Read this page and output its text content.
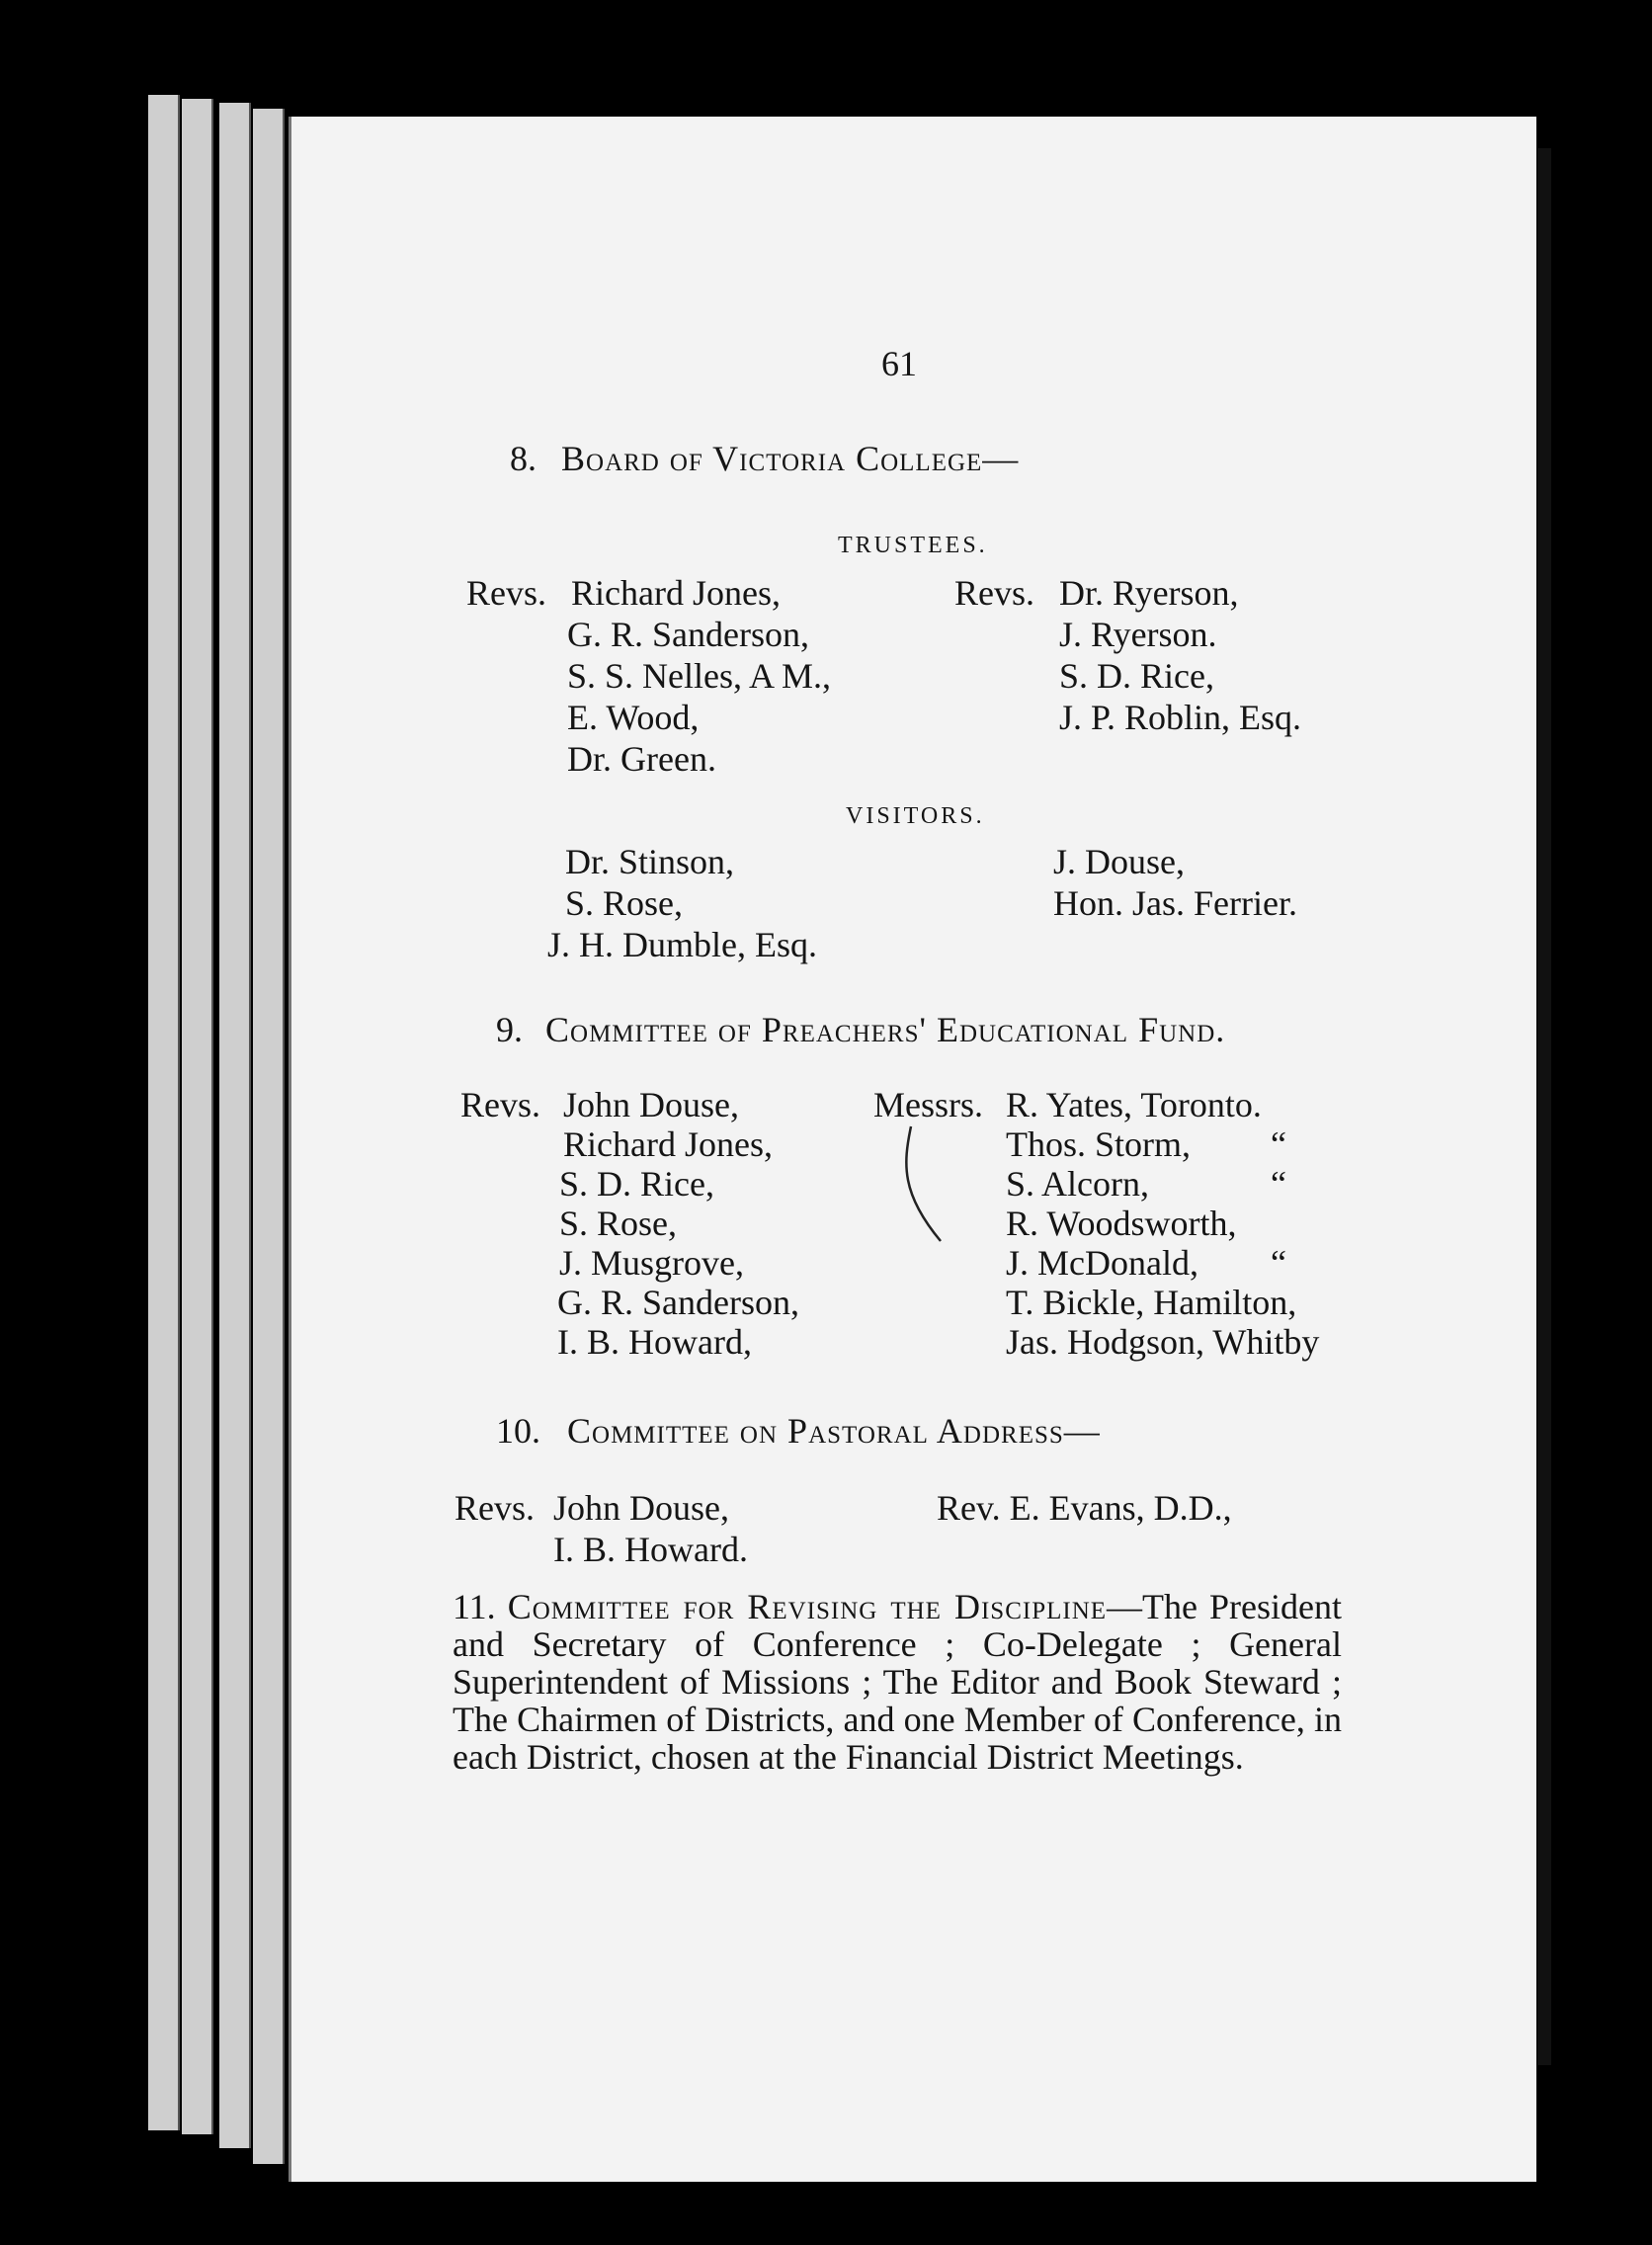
61
8. Board of Victoria College—
TRUSTEES.
Revs. Richard Jones,
G. R. Sanderson,
S. S. Nelles, A M.,
E. Wood,
Dr. Green.
Revs. Dr. Ryerson,
J. Ryerson.
S. D. Rice,
J. P. Roblin, Esq.
VISITORS.
Dr. Stinson,
S. Rose,
J. H. Dumble, Esq.
J. Douse,
Hon. Jas. Ferrier.
9. Committee of Preachers' Educational Fund.
Revs. John Douse,
Richard Jones,
S. D. Rice,
S. Rose,
J. Musgrove,
G. R. Sanderson,
I. B. Howard,
Messrs. R. Yates, Toronto.
Thos. Storm,
S. Alcorn,
R. Woodsworth,
J. McDonald,
T. Bickle, Hamilton,
Jas. Hodgson, Whitby
“
“
“
10. Committee on Pastoral Address—
Revs. John Douse,
I. B. Howard.
Rev. E. Evans, D.D.,
11. Committee for Revising the Discipline—The President and Secretary of Conference ; Co-Delegate ; General Superintendent of Missions ; The Editor and Book Steward ; The Chairmen of Districts, and one Member of Conference, in each District, chosen at the Financial District Meetings.
